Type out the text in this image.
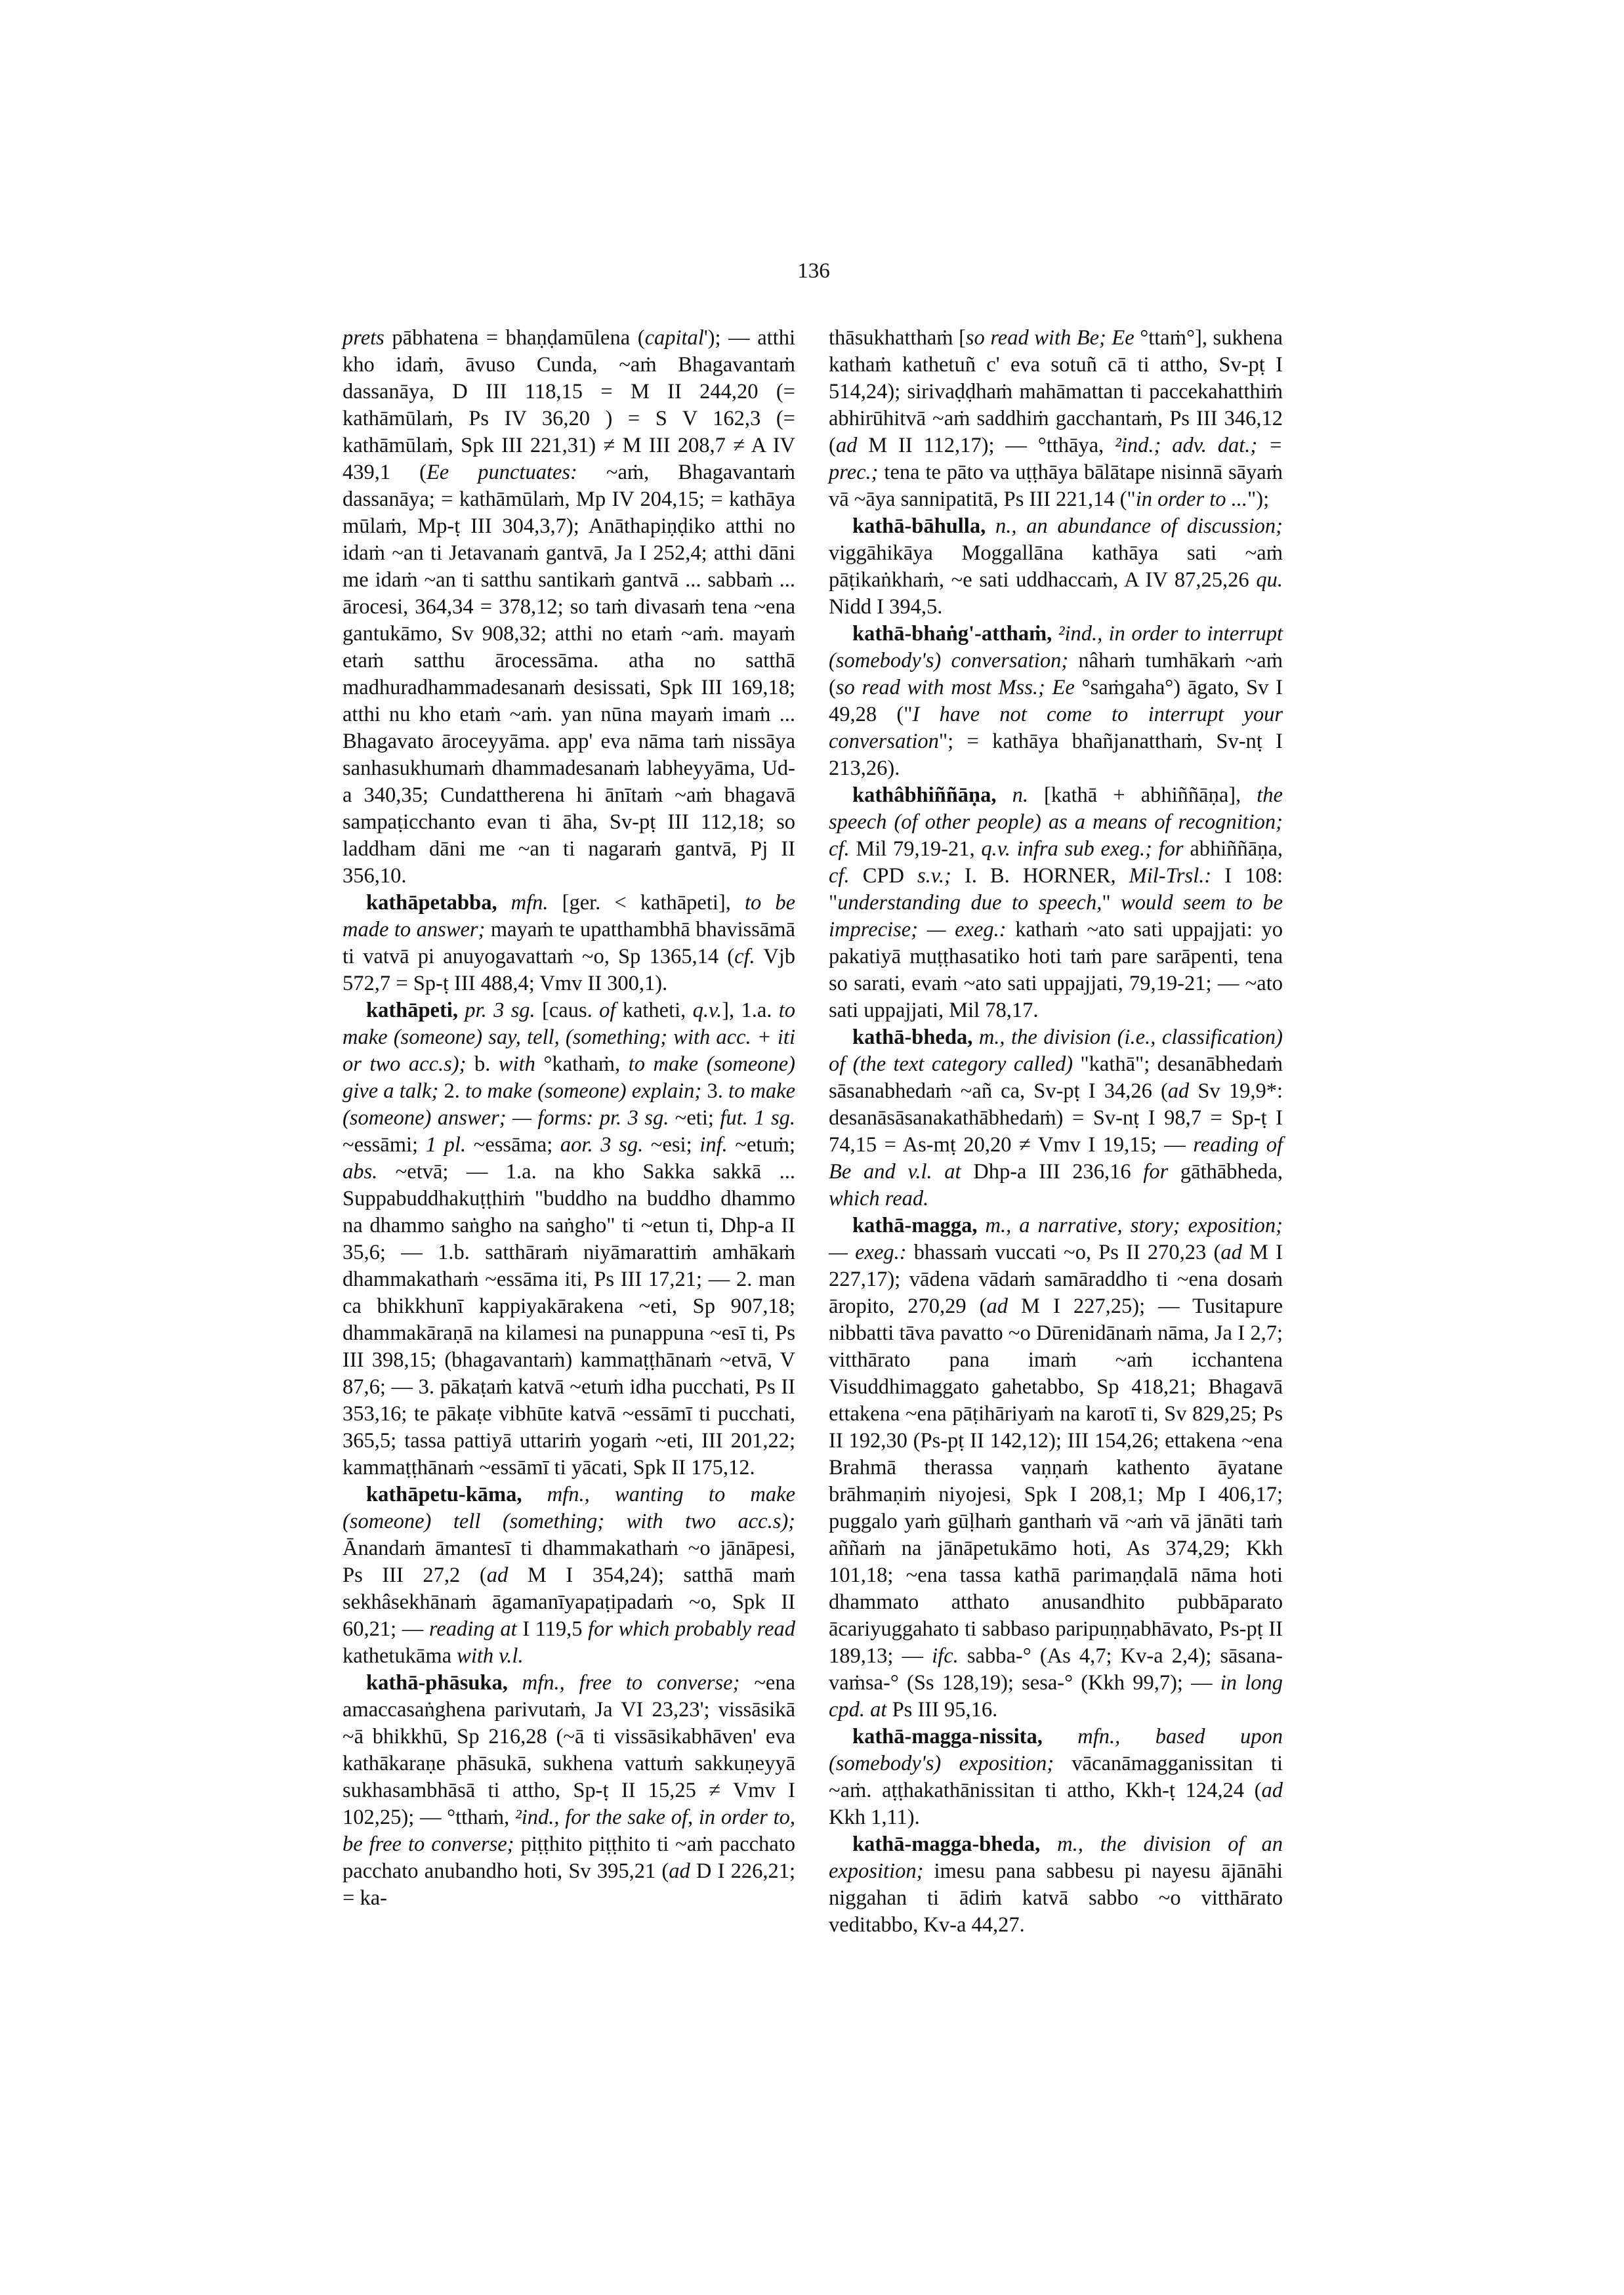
136

prets pābhatena = bhaṇḍamūlena (capital'); — atthi kho idaṁ, āvuso Cunda, ~aṁ Bhagavantaṁ dassanāya, D III 118,15 = M II 244,20 (= kathāmūlaṁ, Ps IV 36,20 ) = S V 162,3 (= kathāmūlaṁ, Spk III 221,31) ≠ M III 208,7 ≠ A IV 439,1 (Ee punctuates: ~aṁ, Bhagavantaṁ dassanāya; = kathāmūlaṁ, Mp IV 204,15; = kathāya mūlaṁ, Mp-ṭ III 304,3,7); Anāthapiṇḍiko atthi no idaṁ ~an ti Jetavanaṁ gantvā, Ja I 252,4; atthi dāni me idaṁ ~an ti satthu santikaṁ gantvā ... sabbaṁ ... ārocesi, 364,34 = 378,12; so taṁ divasaṁ tena ~ena gantukāmo, Sv 908,32; atthi no etaṁ ~aṁ. mayaṁ etaṁ satthu ārocessāma. atha no satthā madhuradhammadesanaṁ desissati, Spk III 169,18; atthi nu kho etaṁ ~aṁ. yan nūna mayaṁ imaṁ ... Bhagavato āroceyyāma. app' eva nāma taṁ nissāya sanhasukhumaṁ dhammadesanaṁ labheyyāma, Ud-a 340,35; Cundattherena hi ānītaṁ ~aṁ bhagavā sampaṭicchanto evan ti āha, Sv-pṭ III 112,18; so laddham dāni me ~an ti nagaraṁ gantvā, Pj II 356,10.

kathāpetabba, mfn. [ger. < kathāpeti], to be made to answer; mayaṁ te upatthambhā bhavissāmā ti vatvā pi anuyogavattaṁ ~o, Sp 1365,14 (cf. Vjb 572,7 = Sp-ṭ III 488,4; Vmv II 300,1).

kathāpeti, pr. 3 sg. [caus. of katheti, q.v.], 1.a. to make (someone) say, tell, (something; with acc. + iti or two acc.s); b. with °kathaṁ, to make (someone) give a talk; 2. to make (someone) explain; 3. to make (someone) answer; — forms: pr. 3 sg. ~eti; fut. 1 sg. ~essāmi; 1 pl. ~essāma; aor. 3 sg. ~esi; inf. ~etuṁ; abs. ~etvā; — 1.a. na kho Sakka sakkā ... Suppabuddhakuṭṭhiṁ "buddho na buddho dhammo na dhammo saṅgho na saṅgho" ti ~etun ti, Dhp-a II 35,6; — 1.b. satthāraṁ niyāmarattiṁ amhākaṁ dhammakathaṁ ~essāma iti, Ps III 17,21; — 2. man ca bhikkhunī kappiyakārakena ~eti, Sp 907,18; dhammakāraṇā na kilamesi na punappuna ~esī ti, Ps III 398,15; (bhagavantaṁ) kammaṭṭhānaṁ ~etvā, V 87,6; — 3. pākaṭaṁ katvā ~etuṁ idha pucchati, Ps II 353,16; te pākaṭe vibhūte katvā ~essāmī ti pucchati, 365,5; tassa pattiyā uttariṁ yogaṁ ~eti, III 201,22; kammaṭṭhānaṁ ~essāmī ti yācati, Spk II 175,12.

kathāpetu-kāma, mfn., wanting to make (someone) tell (something; with two acc.s); Ānandaṁ āmantesī ti dhammakathaṁ ~o jānāpesi, Ps III 27,2 (ad M I 354,24); satthā maṁ sekhâsekhānaṁ āgamanīyapaṭipadaṁ ~o, Spk II 60,21; — reading at I 119,5 for which probably read kathetukāma with v.l.

kathā-phāsuka, mfn., free to converse; ~ena amaccasaṅghena parivutaṁ, Ja VI 23,23'; vissāsikā ~ā bhikkhū, Sp 216,28 (~ā ti vissāsikabhāven' eva kathākaraṇe phāsukā, sukhena vattuṁ sakkuṇeyyā sukhasambhāsā ti attho, Sp-ṭ II 15,25 ≠ Vmv I 102,25); — °tthaṁ, ²ind., for the sake of, in order to, be free to converse; piṭṭhito piṭṭhito ti ~aṁ pacchato pacchato anubandho hoti, Sv 395,21 (ad D I 226,21; = ka-

thāsukhatthaṁ [so read with Be; Ee °ttaṁ°], sukhena kathaṁ kathetuñ c' eva sotuñ cā ti attho, Sv-pṭ I 514,24); sirivaḍḍhaṁ mahāmattan ti paccekahatthiṁ abhirūhitvā ~aṁ saddhiṁ gacchantaṁ, Ps III 346,12 (ad M II 112,17); — °tthāya, ²ind.; adv. dat.; = prec.; tena te pāto va uṭṭhāya bālātape nisinnā sāyaṁ vā ~āya sannipatitā, Ps III 221,14 ("in order to ...");

kathā-bāhulla, n., an abundance of discussion; viggāhikāya Moggallāna kathāya sati ~aṁ pāṭikaṅkhaṁ, ~e sati uddhaccaṁ, A IV 87,25,26 qu. Nidd I 394,5.

kathā-bhaṅg'-atthaṁ, ²ind., in order to interrupt (somebody's) conversation; nâhaṁ tumhākaṁ ~aṁ (so read with most Mss.; Ee °saṁgaha°) āgato, Sv I 49,28 ("I have not come to interrupt your conversation"; = kathāya bhañjanatthaṁ, Sv-nṭ I 213,26).

kathâbhiññāṇa, n. [kathā + abhiññāṇa], the speech (of other people) as a means of recognition; cf. Mil 79,19-21, q.v. infra sub exeg.; for abhiññāṇa, cf. CPD s.v.; I. B. HORNER, Mil-Trsl.: I 108: "understanding due to speech," would seem to be imprecise; — exeg.: kathaṁ ~ato sati uppajjati: yo pakatiyā muṭṭhasatiko hoti taṁ pare sarāpenti, tena so sarati, evaṁ ~ato sati uppajjati, 79,19-21; — ~ato sati uppajjati, Mil 78,17.

kathā-bheda, m., the division (i.e., classification) of (the text category called) "kathā"; desanābhedaṁ sāsanabhedaṁ ~añ ca, Sv-pṭ I 34,26 (ad Sv 19,9*: desanāsāsanakathābhedaṁ) = Sv-nṭ I 98,7 = Sp-ṭ I 74,15 = As-mṭ 20,20 ≠ Vmv I 19,15; — reading of Be and v.l. at Dhp-a III 236,16 for gāthābheda, which read.

kathā-magga, m., a narrative, story; exposition; — exeg.: bhassaṁ vuccati ~o, Ps II 270,23 (ad M I 227,17); vādena vādaṁ samāraddho ti ~ena dosaṁ āropito, 270,29 (ad M I 227,25); — Tusitapure nibbatti tāva pavatto ~o Dūrenidānaṁ nāma, Ja I 2,7; vitthārato pana imaṁ ~aṁ icchantena Visuddhimaggato gahetabbo, Sp 418,21; Bhagavā ettakena ~ena pāṭihāriyaṁ na karotī ti, Sv 829,25; Ps II 192,30 (Ps-pṭ II 142,12); III 154,26; ettakena ~ena Brahmā therassa vaṇṇaṁ kathento āyatane brāhmaṇiṁ niyojesi, Spk I 208,1; Mp I 406,17; puggalo yaṁ gūḷhaṁ ganthaṁ vā ~aṁ vā jānāti taṁ aññaṁ na jānāpetukāmo hoti, As 374,29; Kkh 101,18; ~ena tassa kathā parimaṇḍalā nāma hoti dhammato atthato anusandhito pubbāparato ācariyuggahato ti sabbaso paripuṇṇabhāvato, Ps-pṭ II 189,13; — ifc. sabba-° (As 4,7; Kv-a 2,4); sāsana-vaṁsa-° (Ss 128,19); sesa-° (Kkh 99,7); — in long cpd. at Ps III 95,16.

kathā-magga-nissita, mfn., based upon (somebody's) exposition; vācanāmagganissitan ti ~aṁ. aṭṭhakathānissitan ti attho, Kkh-ṭ 124,24 (ad Kkh 1,11).

kathā-magga-bheda, m., the division of an exposition; imesu pana sabbesu pi nayesu ājānāhi niggahan ti ādiṁ katvā sabbo ~o vitthārato veditabbo, Kv-a 44,27.
